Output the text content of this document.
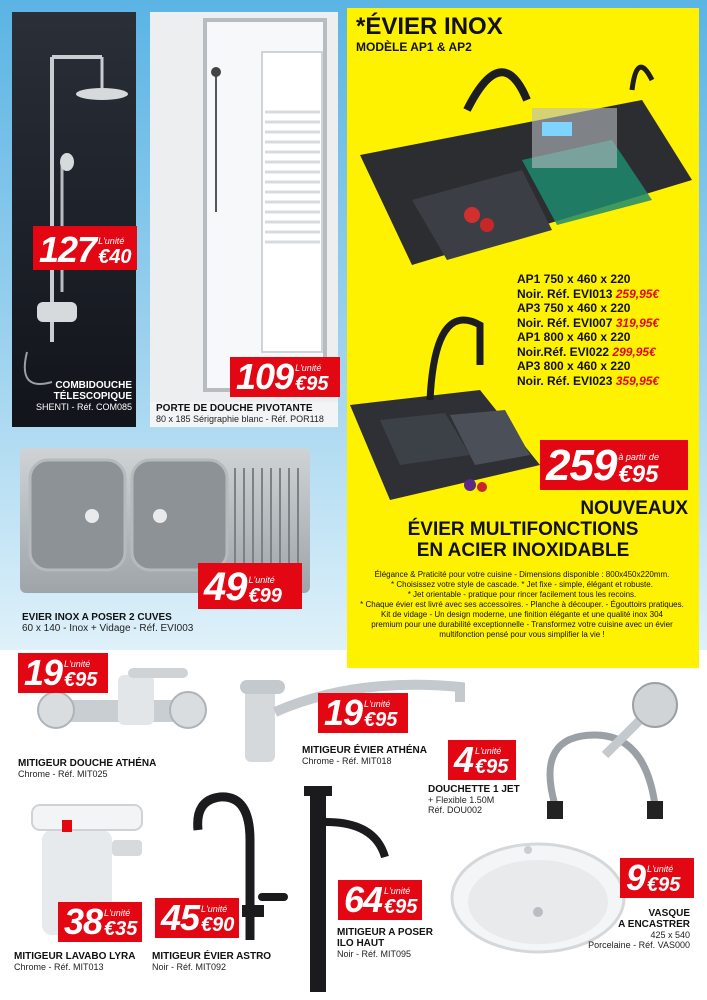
127 L'unité
€40
COMBIDOUCHE
TÉLESCOPIQUE
SHENTI - Réf. COM085
109 L'unité
€95
PORTE DE DOUCHE PIVOTANTE
80 x 185 Sérigraphie blanc - Réf. POR118
*ÉVIER INOX
MODÈLE AP1 & AP2
AP1 750 x 460 x 220
Noir. Réf. EVI013 259,95€
AP3 750 x 460 x 220
Noir. Réf. EVI007 319,95€
AP1 800 x 460 x 220
Noir.Réf. EVI022 299,95€
AP3 800 x 460 x 220
Noir. Réf. EVI023 359,95€
259 à partir de
€95
NOUVEAUX
ÉVIER MULTIFONCTIONS
EN ACIER INOXIDABLE
Élégance & Praticité pour votre cuisine - Dimensions disponible : 800x450x220mm.
* Choisissez votre style de cascade. * Jet fixe - simple, élégant et robuste.
* Jet orientable - pratique pour rincer facilement tous les recoins.
* Chaque évier est livré avec ses accessoires. - Planche à découper. - Égouttoirs pratiques.
Kit de vidage - Un design moderne, une finition élégante et une qualité inox 304
premium pour une durabilité exceptionnelle - Transformez votre cuisine avec un évier
multifonction pensé pour vous simplifier la vie !
49 L'unité
€99
EVIER INOX A POSER 2 CUVES
60 x 140 - Inox + Vidage - Réf. EVI003
19 L'unité
€95
MITIGEUR DOUCHE ATHÉNA
Chrome - Réf. MIT025
19 L'unité
€95
MITIGEUR ÉVIER ATHÉNA
Chrome - Réf. MIT018	4 L'unité
€95
DOUCHETTE 1 JET
+ Flexible 1.50M
Réf. DOU002
38 L'unité
€35
MITIGEUR LAVABO LYRA
Chrome - Réf. MIT013
45 L'unité
€90
MITIGEUR ÉVIER ASTRO
Noir - Réf. MIT092
64 L'unité
€95
MITIGEUR A POSER
ILO HAUT
Noir - Réf. MIT095
9 L'unité
€95
VASQUE
A ENCASTRER
425 x 540
Porcelaine - Réf. VAS000
